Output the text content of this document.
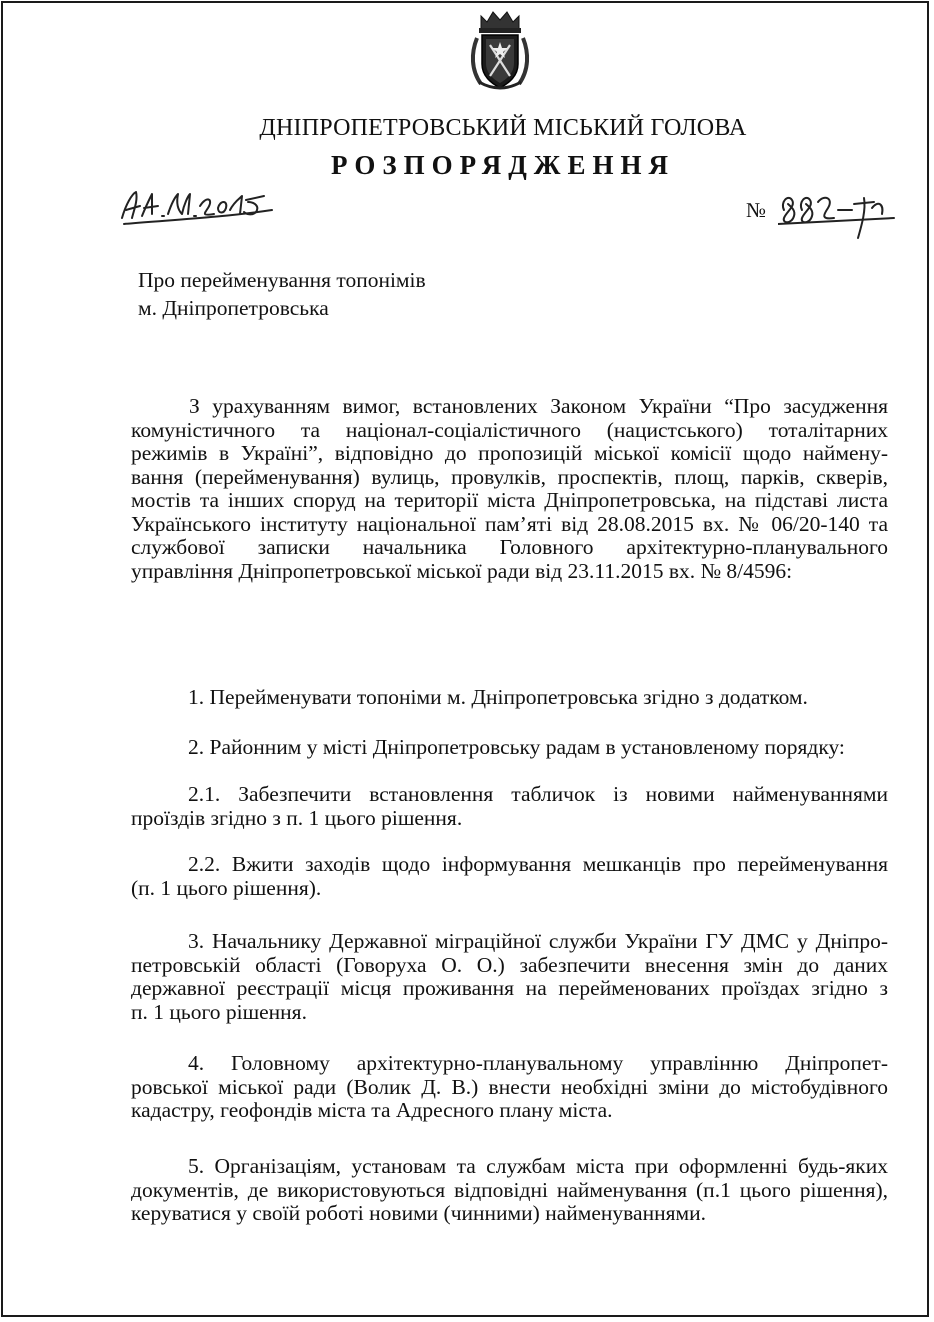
ДНІПРОПЕТРОВСЬКИЙ МІСЬКИЙ ГОЛОВА
РОЗПОРЯДЖЕННЯ
№
Про перейменування топонімів
м. Дніпропетровська
З урахуванням вимог, встановлених Законом України “Про засудження
комуністичного та націонал-соціалістичного (нацистського) тоталітарних
режимів в Україні”, відповідно до пропозицій міської комісії щодо наймену-
вання (перейменування) вулиць, провулків, проспектів, площ, парків, скверів,
мостів та інших споруд на території міста Дніпропетровська, на підставі листа
Українського інституту національної пам’яті від 28.08.2015 вх. № 06/20-140 та
службової записки начальника Головного архітектурно-планувального
управління Дніпропетровської міської ради від 23.11.2015 вх. № 8/4596:
1. Перейменувати топоніми м. Дніпропетровська згідно з додатком.
2. Районним у місті Дніпропетровську радам в установленому порядку:
2.1. Забезпечити встановлення табличок із новими найменуваннями
проїздів згідно з п. 1 цього рішення.
2.2. Вжити заходів щодо інформування мешканців про перейменування
(п. 1 цього рішення).
3. Начальнику Державної міграційної служби України ГУ ДМС у Дніпро-
петровській області (Говоруха О. О.) забезпечити внесення змін до даних
державної реєстрації місця проживання на перейменованих проїздах згідно з
п. 1 цього рішення.
4. Головному архітектурно-планувальному управлінню Дніпропет-
ровської міської ради (Волик Д. В.) внести необхідні зміни до містобудівного
кадастру, геофондів міста та Адресного плану міста.
5. Організаціям, установам та службам міста при оформленні будь-яких
документів, де використовуються відповідні найменування (п.1 цього рішення),
керуватися у своїй роботі новими (чинними) найменуваннями.
